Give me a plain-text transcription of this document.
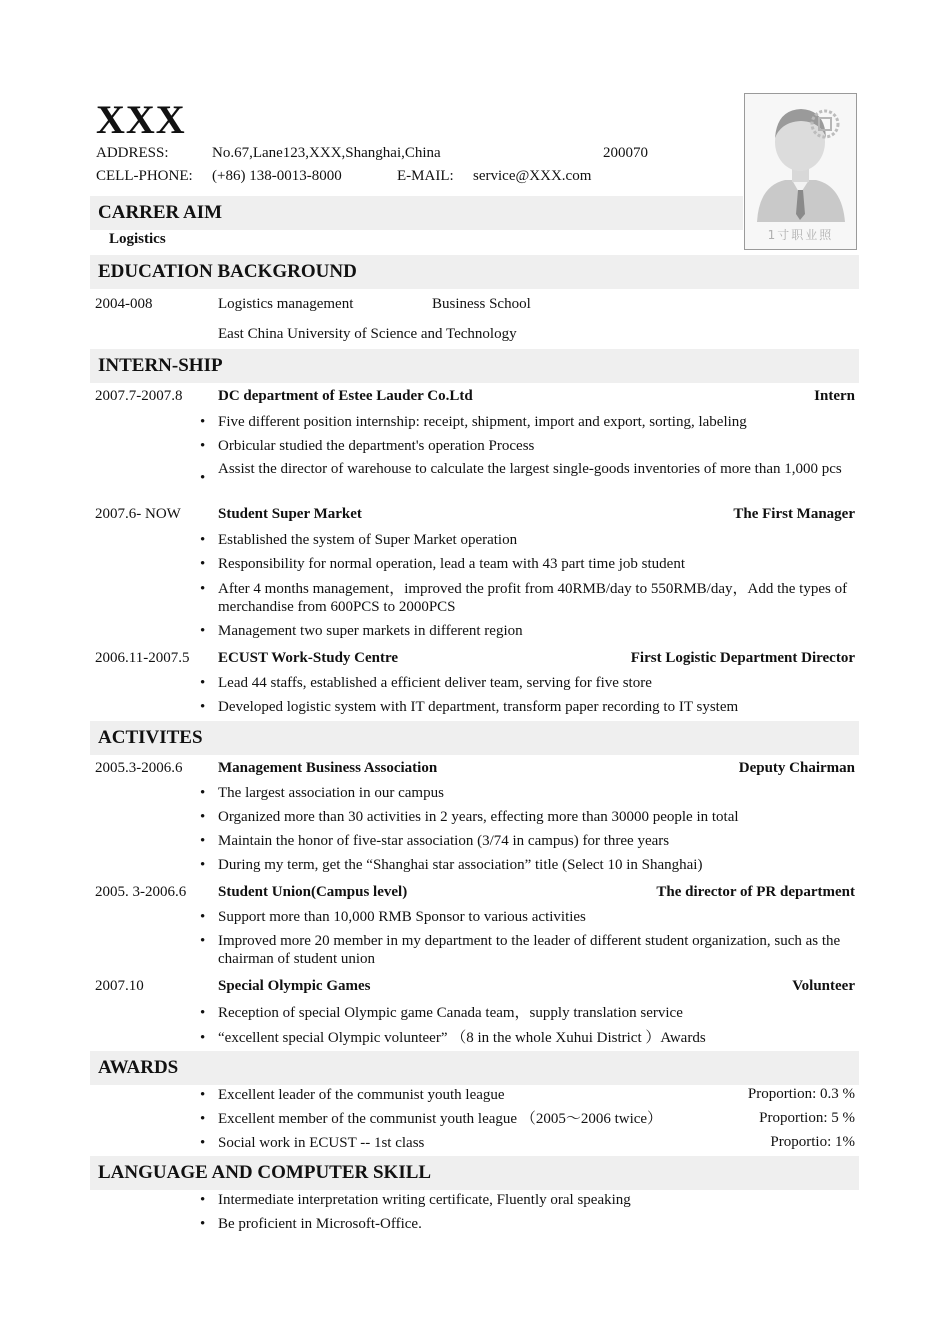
XXX
ADDRESS:	No.67,Lane123,XXX,Shanghai,China	200070
CELL-PHONE: (+86) 138-0013-8000	E-MAIL: service@XXX.com
1寸职业照
CARRER AIM
Logistics
EDUCATION BACKGROUND
2004-008	Logistics management	Business School
East China University of Science and Technology
INTERN-SHIP
2007.7-2007.8 DC department of Estee Lauder Co.Ltd	Intern
• Five different position internship: receipt, shipment, import and export, sorting, labeling
• Orbicular studied the department's operation Process
• Assist the director of warehouse to calculate the largest single-goods inventories of more than 1,000 pcs
2007.6- NOW Student Super Market	The First Manager
• Established the system of Super Market operation
• Responsibility for normal operation, lead a team with 43 part time job student
• After 4 months management，improved the profit from 40RMB/day to 550RMB/day，Add the types of merchandise from 600PCS to 2000PCS
• Management two super markets in different region
2006.11-2007.5 ECUST Work-Study Centre	First Logistic Department Director
• Lead 44 staffs, established a efficient deliver team, serving for five store
• Developed logistic system with IT department, transform paper recording to IT system
ACTIVITES
2005.3-2006.6 Management Business Association	Deputy Chairman
• The largest association in our campus
• Organized more than 30 activities in 2 years, effecting more than 30000 people in total
• Maintain the honor of five-star association (3/74 in campus) for three years
• During my term, get the “Shanghai star association” title (Select 10 in Shanghai)
2005. 3-2006.6 Student Union(Campus level)	The director of PR department
• Support more than 10,000 RMB Sponsor to various activities
• Improved more 20 member in my department to the leader of different student organization, such as the chairman of student union
2007.10	Special Olympic Games	Volunteer
• Reception of special Olympic game Canada team，supply translation service
• “excellent special Olympic volunteer” （8 in the whole Xuhui District ）Awards
AWARDS
• Excellent leader of the communist youth league	Proportion: 0.3 %
• Excellent member of the communist youth league （2005～2006 twice）	Proportion: 5 %
• Social work in ECUST -- 1st class	Proportio: 1%
LANGUAGE AND COMPUTER SKILL
• Intermediate interpretation writing certificate, Fluently oral speaking
• Be proficient in Microsoft-Office.
